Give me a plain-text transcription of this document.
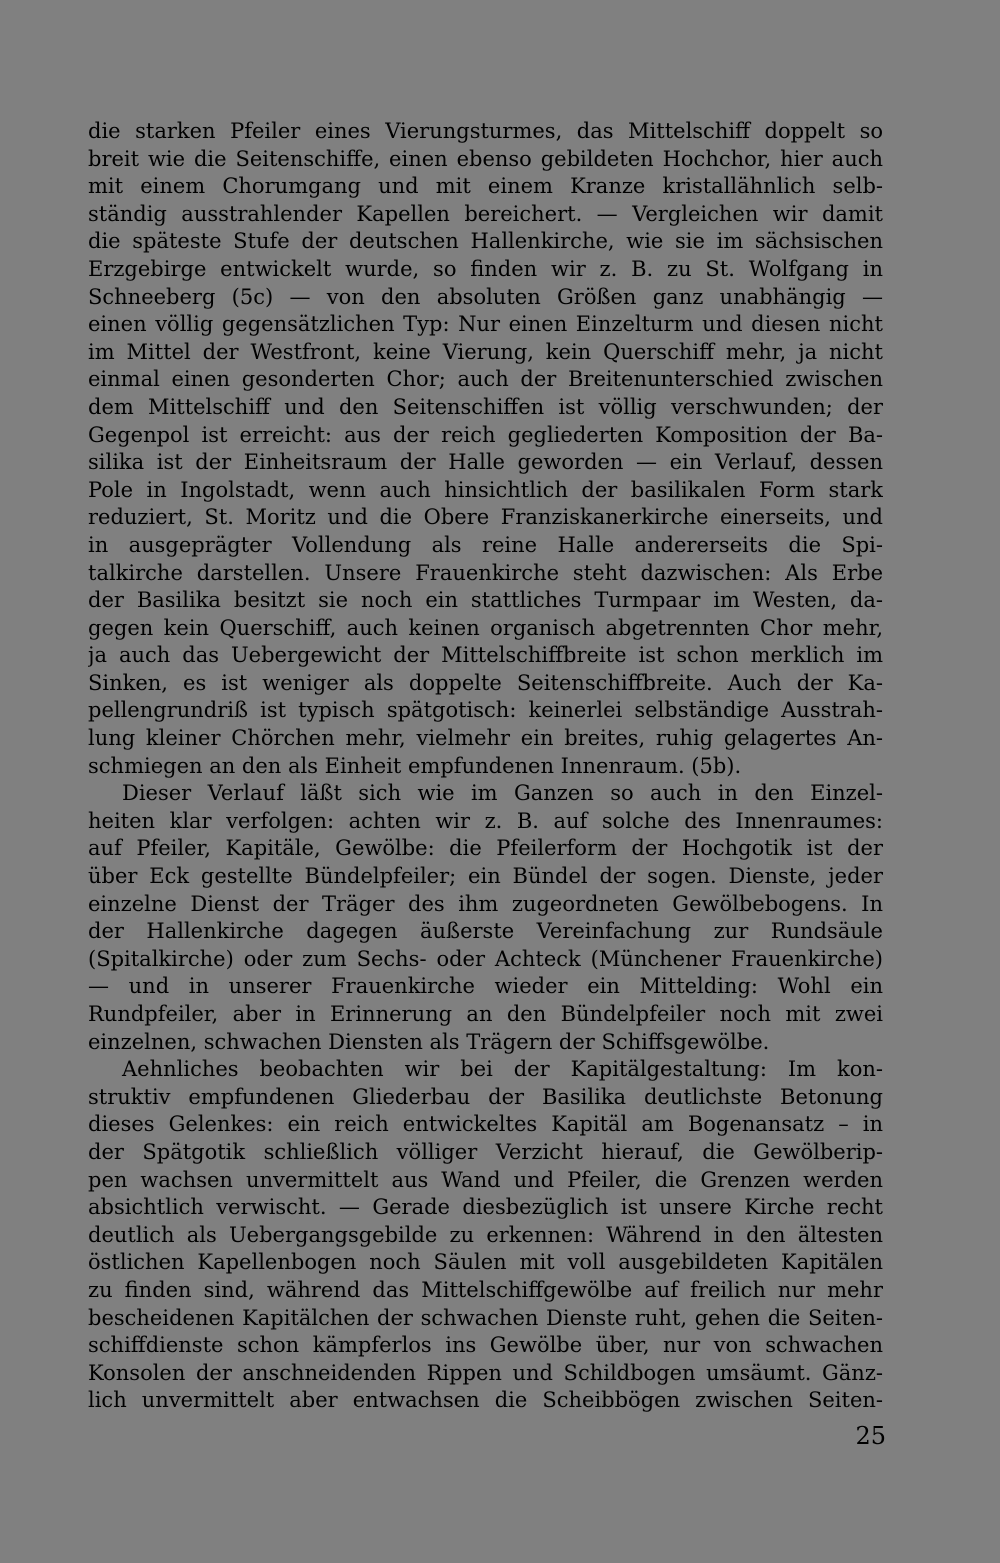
die starken Pfeiler eines Vierungsturmes, das Mittelschiff doppelt so
breit wie die Seitenschiffe, einen ebenso gebildeten Hochchor, hier auch
mit einem Chorumgang und mit einem Kranze kristallähnlich selb-
ständig ausstrahlender Kapellen bereichert. — Vergleichen wir damit
die späteste Stufe der deutschen Hallenkirche, wie sie im sächsischen
Erzgebirge entwickelt wurde, so finden wir z. B. zu St. Wolfgang in
Schneeberg (5c) — von den absoluten Größen ganz unabhängig —
einen völlig gegensätzlichen Typ: Nur einen Einzelturm und diesen nicht
im Mittel der Westfront, keine Vierung, kein Querschiff mehr, ja nicht
einmal einen gesonderten Chor; auch der Breitenunterschied zwischen
dem Mittelschiff und den Seitenschiffen ist völlig verschwunden; der
Gegenpol ist erreicht: aus der reich gegliederten Komposition der Ba-
silika ist der Einheitsraum der Halle geworden — ein Verlauf, dessen
Pole in Ingolstadt, wenn auch hinsichtlich der basilikalen Form stark
reduziert, St. Moritz und die Obere Franziskanerkirche einerseits, und
in ausgeprägter Vollendung als reine Halle andererseits die Spi-
talkirche darstellen. Unsere Frauenkirche steht dazwischen: Als Erbe
der Basilika besitzt sie noch ein stattliches Turmpaar im Westen, da-
gegen kein Querschiff, auch keinen organisch abgetrennten Chor mehr,
ja auch das Uebergewicht der Mittelschiffbreite ist schon merklich im
Sinken, es ist weniger als doppelte Seitenschiffbreite. Auch der Ka-
pellengrundriß ist typisch spätgotisch: keinerlei selbständige Ausstrah-
lung kleiner Chörchen mehr, vielmehr ein breites, ruhig gelagertes An-
schmiegen an den als Einheit empfundenen Innenraum. (5b).
Dieser Verlauf läßt sich wie im Ganzen so auch in den Einzel-
heiten klar verfolgen: achten wir z. B. auf solche des Innenraumes:
auf Pfeiler, Kapitäle, Gewölbe: die Pfeilerform der Hochgotik ist der
über Eck gestellte Bündelpfeiler; ein Bündel der sogen. Dienste, jeder
einzelne Dienst der Träger des ihm zugeordneten Gewölbebogens. In
der Hallenkirche dagegen äußerste Vereinfachung zur Rundsäule
(Spitalkirche) oder zum Sechs- oder Achteck (Münchener Frauenkirche)
— und in unserer Frauenkirche wieder ein Mittelding: Wohl ein
Rundpfeiler, aber in Erinnerung an den Bündelpfeiler noch mit zwei
einzelnen, schwachen Diensten als Trägern der Schiffsgewölbe.
Aehnliches beobachten wir bei der Kapitälgestaltung: Im kon-
struktiv empfundenen Gliederbau der Basilika deutlichste Betonung
dieses Gelenkes: ein reich entwickeltes Kapitäl am Bogenansatz – in
der Spätgotik schließlich völliger Verzicht hierauf, die Gewölberip-
pen wachsen unvermittelt aus Wand und Pfeiler, die Grenzen werden
absichtlich verwischt. — Gerade diesbezüglich ist unsere Kirche recht
deutlich als Uebergangsgebilde zu erkennen: Während in den ältesten
östlichen Kapellenbogen noch Säulen mit voll ausgebildeten Kapitälen
zu finden sind, während das Mittelschiffgewölbe auf freilich nur mehr
bescheidenen Kapitälchen der schwachen Dienste ruht, gehen die Seiten-
schiffdienste schon kämpferlos ins Gewölbe über, nur von schwachen
Konsolen der anschneidenden Rippen und Schildbogen umsäumt. Gänz-
lich unvermittelt aber entwachsen die Scheibbögen zwischen Seiten-
25
